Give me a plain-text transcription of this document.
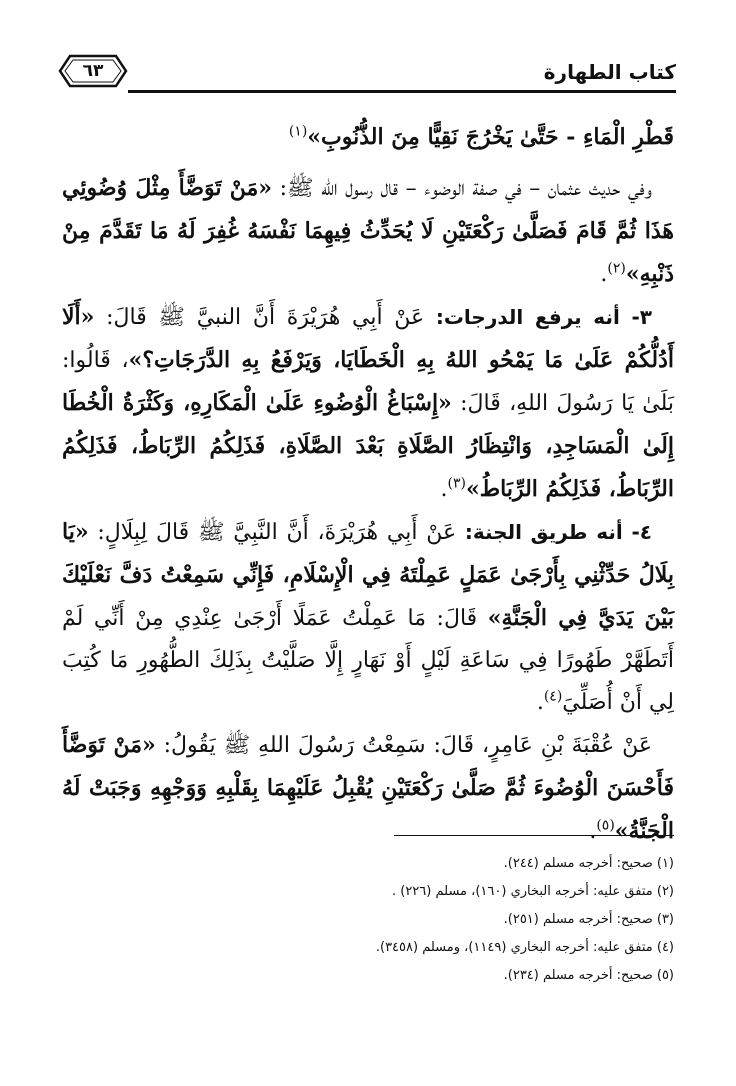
٦٣	كتاب الطهارة

قَطْرِ الْمَاءِ - حَتَّىٰ يَخْرُجَ نَقِيًّا مِنَ الذُّنُوبِ»$^{(١)}$

وفي حديث عثمان – في صفة الوضوء – قال رسول الله ﷺ: «مَنْ تَوَضَّأَ مِثْلَ وُضُوئِي هَذَا ثُمَّ قَامَ فَصَلَّىٰ رَكْعَتَيْنِ لَا يُحَدِّثُ فِيهِمَا نَفْسَهُ غُفِرَ لَهُ مَا تَقَدَّمَ مِنْ ذَنْبِهِ»$^{(٢)}$.

٣- أنه يرفع الدرجات: عَنْ أَبِي هُرَيْرَةَ أَنَّ النبيَّ ﷺ قَالَ: «أَلَا أَدُلُّكُمْ عَلَىٰ مَا يَمْحُو اللهُ بِهِ الْخَطَايَا، وَيَرْفَعُ بِهِ الدَّرَجَاتِ؟»، قَالُوا: بَلَىٰ يَا رَسُولَ اللهِ، قَالَ: «إِسْبَاغُ الْوُضُوءِ عَلَىٰ الْمَكَارِهِ، وَكَثْرَةُ الْخُطَا إِلَىٰ الْمَسَاجِدِ، وَانْتِظَارُ الصَّلَاةِ بَعْدَ الصَّلَاةِ، فَذَلِكُمُ الرِّبَاطُ، فَذَلِكُمُ الرِّبَاطُ، فَذَلِكُمُ الرِّبَاطُ»$^{(٣)}$.

٤- أنه طريق الجنة: عَنْ أَبِي هُرَيْرَةَ، أَنَّ النَّبِيَّ ﷺ قَالَ لِبِلَالٍ: «يَا بِلَالُ حَدِّثْنِي بِأَرْجَىٰ عَمَلٍ عَمِلْتَهُ فِي الْإِسْلَامِ، فَإِنِّي سَمِعْتُ دَفَّ نَعْلَيْكَ بَيْنَ يَدَيَّ فِي الْجَنَّةِ» قَالَ: مَا عَمِلْتُ عَمَلًا أَرْجَىٰ عِنْدِي مِنْ أَنِّي لَمْ أَتَطَهَّرْ طَهُورًا فِي سَاعَةِ لَيْلٍ أَوْ نَهَارٍ إِلَّا صَلَّيْتُ بِذَلِكَ الطُّهُورِ مَا كُتِبَ لِي أَنْ أُصَلِّيَ$^{(٤)}$.

عَنْ عُقْبَةَ بْنِ عَامِرٍ، قَالَ: سَمِعْتُ رَسُولَ اللهِ ﷺ يَقُولُ: «مَنْ تَوَضَّأَ فَأَحْسَنَ الْوُضُوءَ ثُمَّ صَلَّىٰ رَكْعَتَيْنِ يُقْبِلُ عَلَيْهِمَا بِقَلْبِهِ وَوَجْهِهِ وَجَبَتْ لَهُ الْجَنَّةُ»$^{(٥)}$.

(١) صحيح: أخرجه مسلم (٢٤٤).

(٢) متفق عليه: أخرجه البخاري (١٦٠)، مسلم (٢٢٦) .

(٣) صحيح: أخرجه مسلم (٢٥١).

(٤) متفق عليه: أخرجه البخاري (١١٤٩)، ومسلم (٣٤٥٨).

(٥) صحيح: أخرجه مسلم (٢٣٤).
